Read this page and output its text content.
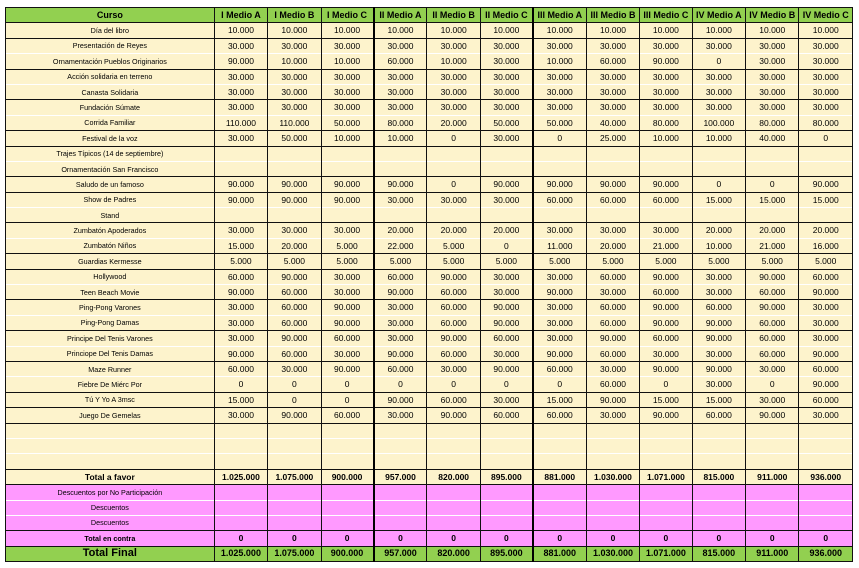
Curso	I Medio A	I Medio B	I Medio C	II Medio A	II Medio B	II Medio C	III Medio A	III Medio B	III Medio C	IV Medio A	IV Medio B	IV Medio C
Día del libro	10.000	10.000	10.000	10.000	10.000	10.000	10.000	10.000	10.000	10.000	10.000	10.000
Presentación de Reyes	30.000	30.000	30.000	30.000	30.000	30.000	30.000	30.000	30.000	30.000	30.000	30.000
Ornamentación Pueblos Originarios	90.000	10.000	10.000	60.000	10.000	30.000	10.000	60.000	90.000	0	30.000	30.000
Acción solidaria en terreno	30.000	30.000	30.000	30.000	30.000	30.000	30.000	30.000	30.000	30.000	30.000	30.000
Canasta Solidaria	30.000	30.000	30.000	30.000	30.000	30.000	30.000	30.000	30.000	30.000	30.000	30.000
Fundación Súmate	30.000	30.000	30.000	30.000	30.000	30.000	30.000	30.000	30.000	30.000	30.000	30.000
Corrida Familiar	110.000	110.000	50.000	80.000	20.000	50.000	50.000	40.000	80.000	100.000	80.000	80.000
Festival de la voz	30.000	50.000	10.000	10.000	0	30.000	0	25.000	10.000	10.000	40.000	0
Trajes Típicos (14 de septiembre)												
Ornamentación San Francisco												
Saludo de un famoso	90.000	90.000	90.000	90.000	0	90.000	90.000	90.000	90.000	0	0	90.000
Show de Padres	90.000	90.000	90.000	30.000	30.000	30.000	60.000	60.000	60.000	15.000	15.000	15.000
Stand												
Zumbatón Apoderados	30.000	30.000	30.000	20.000	20.000	20.000	30.000	30.000	30.000	20.000	20.000	20.000
Zumbatón Niños	15.000	20.000	5.000	22.000	5.000	0	11.000	20.000	21.000	10.000	21.000	16.000
Guardias Kermesse	5.000	5.000	5.000	5.000	5.000	5.000	5.000	5.000	5.000	5.000	5.000	5.000
Hollywood	60.000	90.000	30.000	60.000	90.000	30.000	30.000	60.000	90.000	30.000	90.000	60.000
Teen Beach Movie	90.000	60.000	30.000	90.000	60.000	30.000	90.000	30.000	60.000	30.000	60.000	90.000
Ping-Pong Varones	30.000	60.000	90.000	30.000	60.000	90.000	30.000	60.000	90.000	60.000	90.000	30.000
Ping-Pong Damas	30.000	60.000	90.000	30.000	60.000	90.000	30.000	60.000	90.000	90.000	60.000	30.000
Principe Del Tenis Varones	30.000	90.000	60.000	30.000	90.000	60.000	30.000	90.000	60.000	90.000	60.000	30.000
Princiope Del Tenis Damas	90.000	60.000	30.000	90.000	60.000	30.000	90.000	60.000	30.000	30.000	60.000	90.000
Maze Runner	60.000	30.000	90.000	60.000	30.000	90.000	60.000	30.000	90.000	90.000	30.000	60.000
Fiebre De Miérc Por	0	0	0	0	0	0	0	60.000	0	30.000	0	90.000
Tú Y Yo A 3msc	15.000	0	0	90.000	60.000	30.000	15.000	90.000	15.000	15.000	30.000	60.000
Juego De Gemelas	30.000	90.000	60.000	30.000	90.000	60.000	60.000	30.000	90.000	60.000	90.000	30.000

Total a favor	1.025.000	1.075.000	900.000	957.000	820.000	895.000	881.000	1.030.000	1.071.000	815.000	911.000	936.000
Descuentos por No Participación												
Descuentos												
Descuentos												
Total en contra	0	0	0	0	0	0	0	0	0	0	0	0
Total Final	1.025.000	1.075.000	900.000	957.000	820.000	895.000	881.000	1.030.000	1.071.000	815.000	911.000	936.000
